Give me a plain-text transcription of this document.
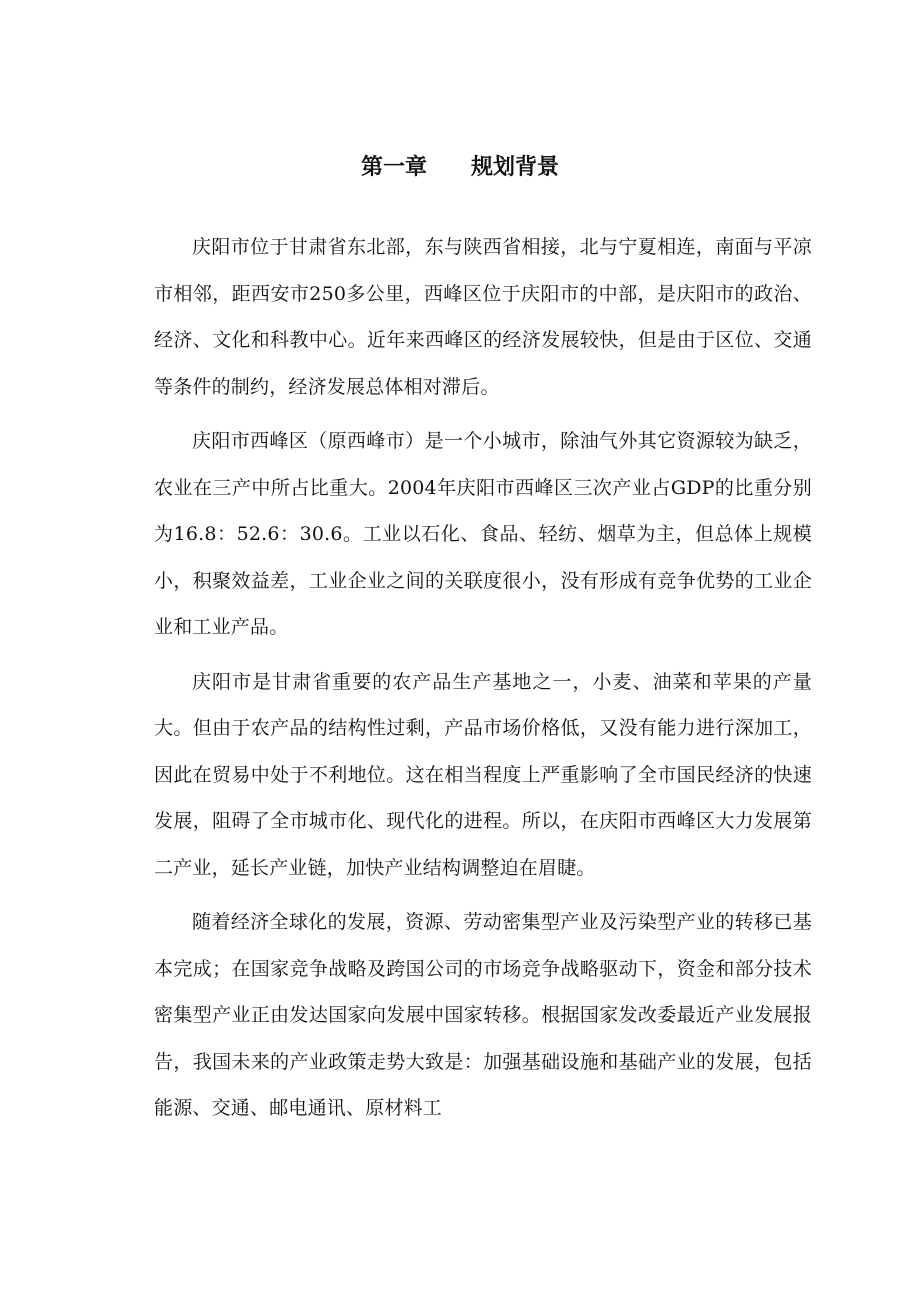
第一章 规划背景

庆阳市位于甘肃省东北部，东与陕西省相接，北与宁夏相连，南面与平凉市相邻，距西安市250多公里，西峰区位于庆阳市的中部，是庆阳市的政治、经济、文化和科教中心。近年来西峰区的经济发展较快，但是由于区位、交通等条件的制约，经济发展总体相对滞后。

庆阳市西峰区（原西峰市）是一个小城市，除油气外其它资源较为缺乏，农业在三产中所占比重大。2004年庆阳市西峰区三次产业占GDP的比重分别为16.8：52.6：30.6。工业以石化、食品、轻纺、烟草为主，但总体上规模小，积聚效益差，工业企业之间的关联度很小，没有形成有竞争优势的工业企业和工业产品。

庆阳市是甘肃省重要的农产品生产基地之一，小麦、油菜和苹果的产量大。但由于农产品的结构性过剩，产品市场价格低，又没有能力进行深加工，因此在贸易中处于不利地位。这在相当程度上严重影响了全市国民经济的快速发展，阻碍了全市城市化、现代化的进程。所以，在庆阳市西峰区大力发展第二产业，延长产业链，加快产业结构调整迫在眉睫。

随着经济全球化的发展，资源、劳动密集型产业及污染型产业的转移已基本完成；在国家竞争战略及跨国公司的市场竞争战略驱动下，资金和部分技术密集型产业正由发达国家向发展中国家转移。根据国家发改委最近产业发展报告，我国未来的产业政策走势大致是：加强基础设施和基础产业的发展，包括能源、交通、邮电通讯、原材料工
